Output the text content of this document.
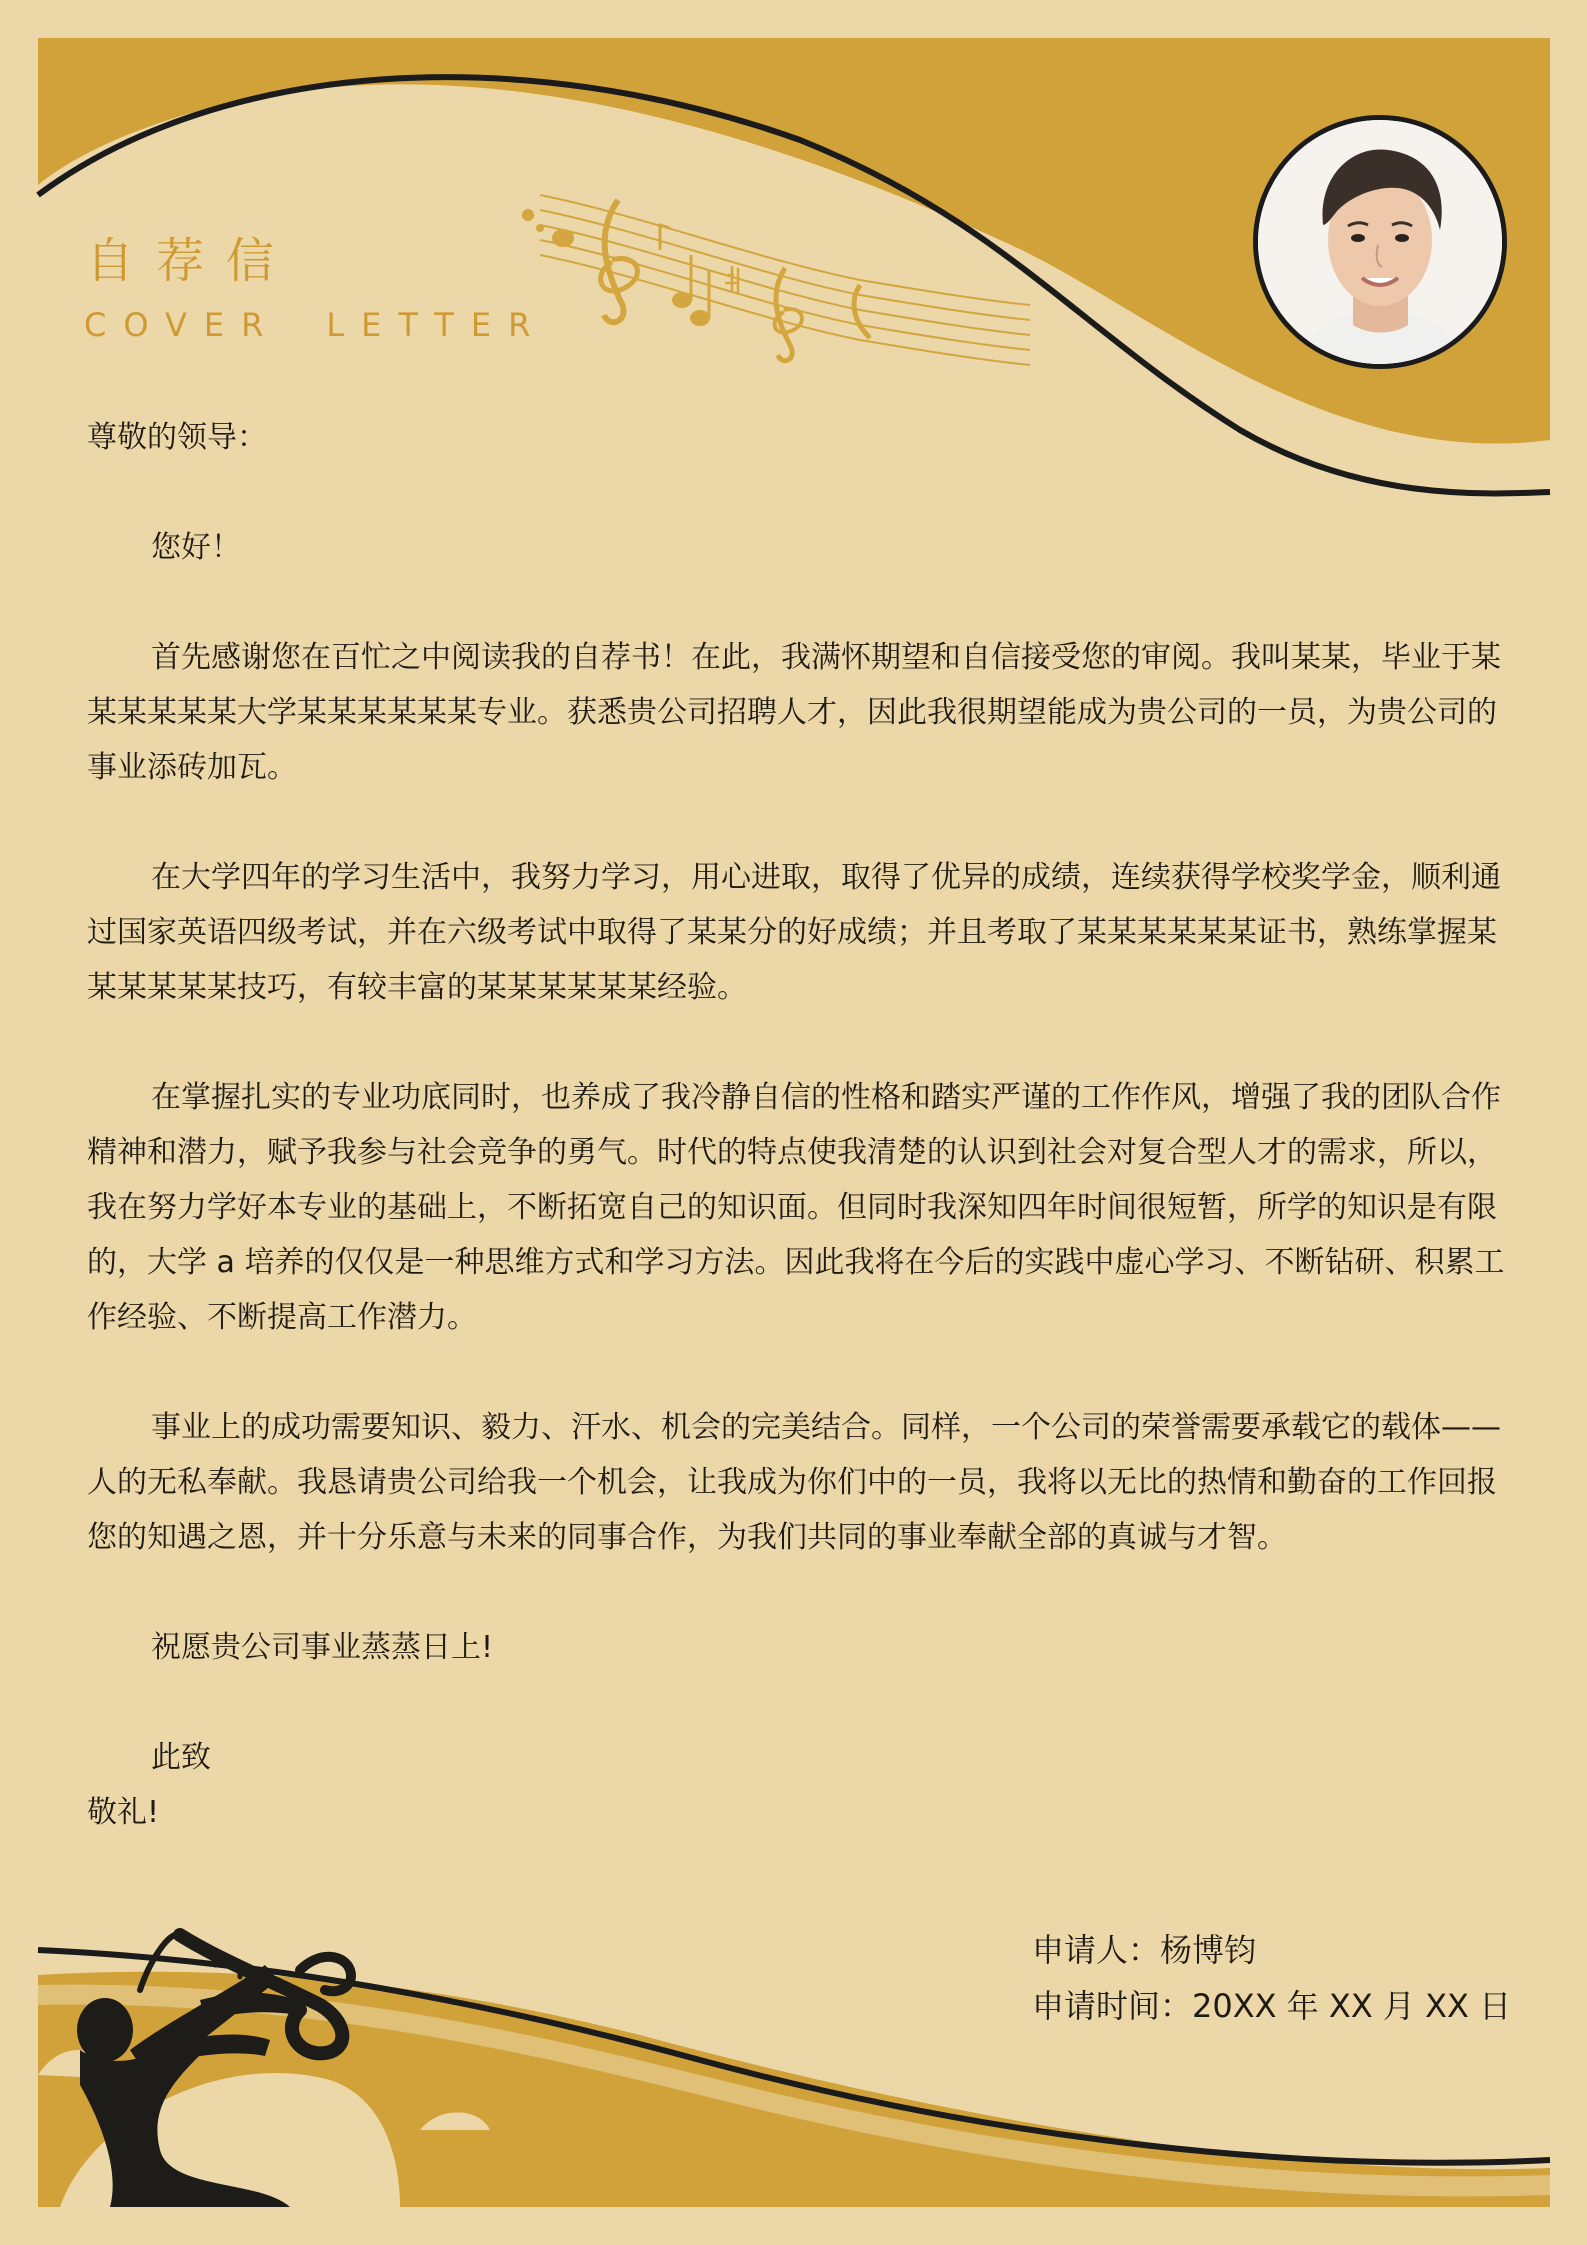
自荐信
COVER LETTER

尊敬的领导：

您好！

首先感谢您在百忙之中阅读我的自荐书！在此，我满怀期望和自信接受您的审阅。我叫某某，毕业于某某某某某某大学某某某某某某专业。获悉贵公司招聘人才，因此我很期望能成为贵公司的一员，为贵公司的事业添砖加瓦。

在大学四年的学习生活中，我努力学习，用心进取，取得了优异的成绩，连续获得学校奖学金，顺利通过国家英语四级考试，并在六级考试中取得了某某分的好成绩；并且考取了某某某某某某证书，熟练掌握某某某某某某技巧，有较丰富的某某某某某某经验。

在掌握扎实的专业功底同时，也养成了我冷静自信的性格和踏实严谨的工作作风，增强了我的团队合作精神和潜力，赋予我参与社会竞争的勇气。时代的特点使我清楚的认识到社会对复合型人才的需求，所以，我在努力学好本专业的基础上，不断拓宽自己的知识面。但同时我深知四年时间很短暂，所学的知识是有限的，大学 a 培养的仅仅是一种思维方式和学习方法。因此我将在今后的实践中虚心学习、不断钻研、积累工作经验、不断提高工作潜力。

事业上的成功需要知识、毅力、汗水、机会的完美结合。同样，一个公司的荣誉需要承载它的载体——人的无私奉献。我恳请贵公司给我一个机会，让我成为你们中的一员，我将以无比的热情和勤奋的工作回报您的知遇之恩，并十分乐意与未来的同事合作，为我们共同的事业奉献全部的真诚与才智。

祝愿贵公司事业蒸蒸日上!

此致

敬礼!

申请人：杨博钧
申请时间：20XX 年 XX 月 XX 日
